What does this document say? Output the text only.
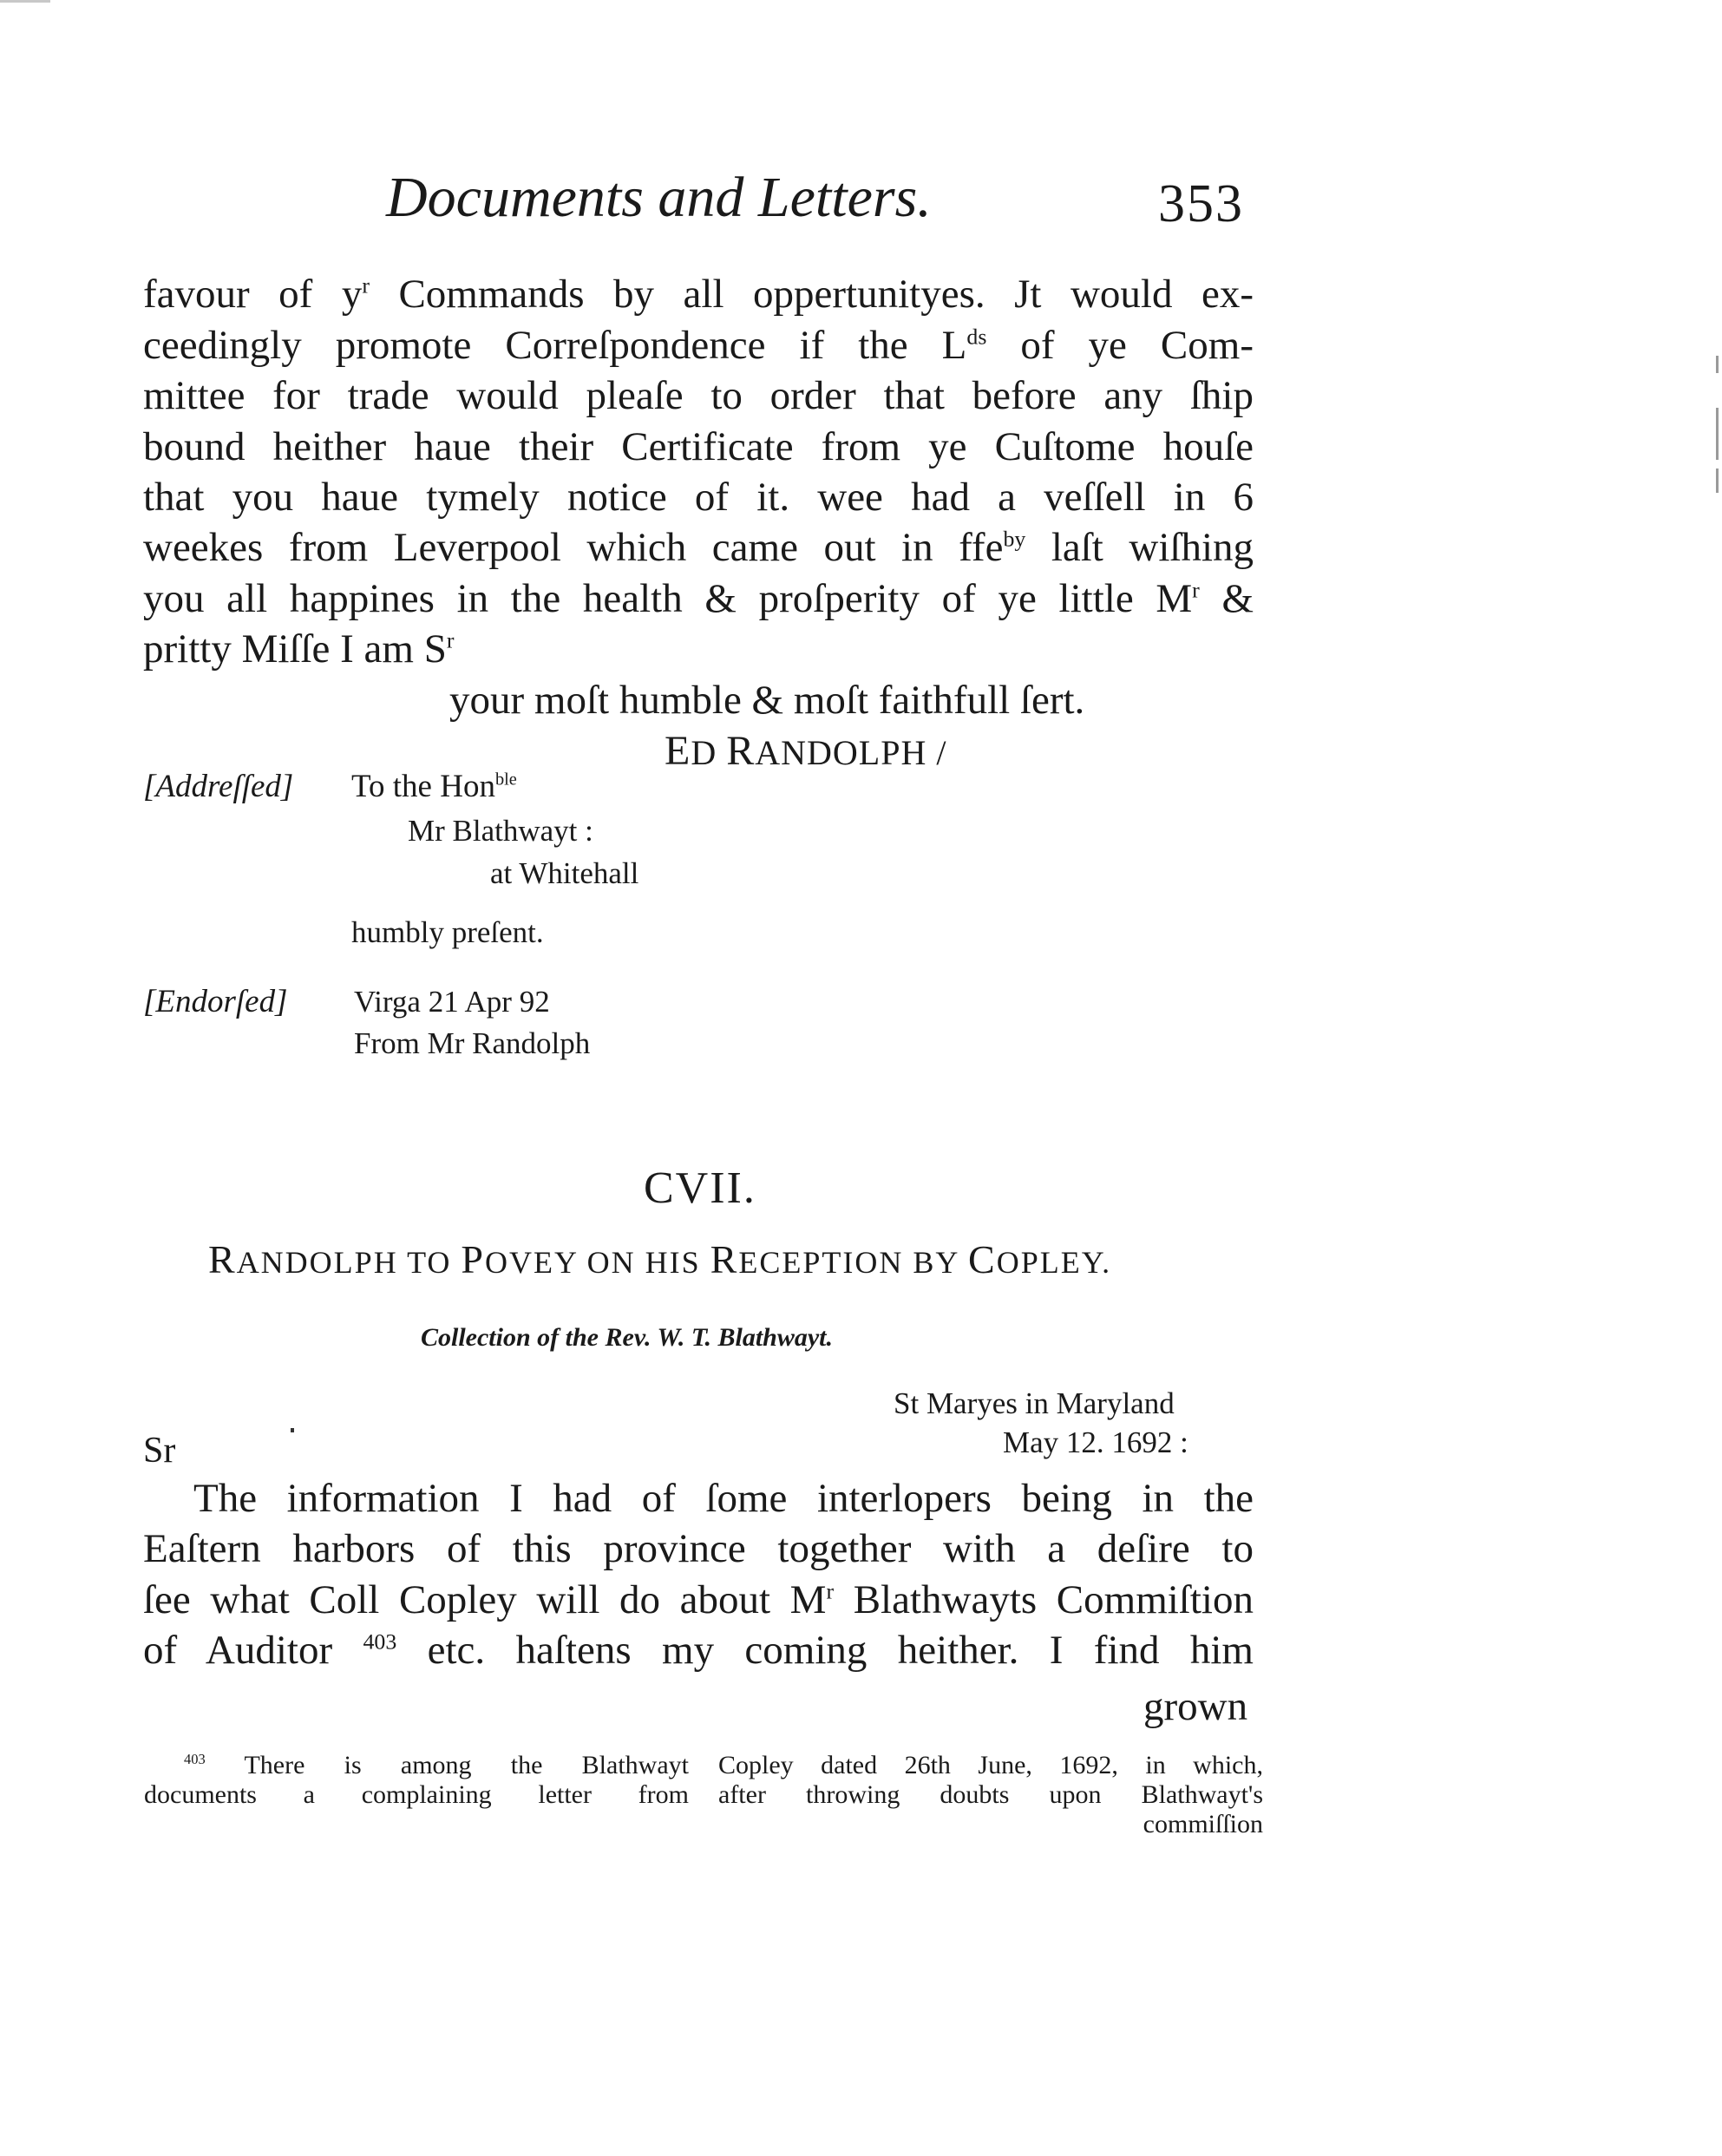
Documents and Letters.	353
favour of $y^r$ Commands by all oppertunityes. Jt would ex-
ceedingly promote Correſpondence if the $L^{ds}$ of ye Com-
mittee for trade would pleaſe to order that before any ſhip
bound heither haue their Certificate from ye Cuſtome houſe
that you haue tymely notice of it. wee had a veſſell in 6
weekes from Leverpool which came out in ffe$^{by}$ laſt wiſhing
you all happines in the health & proſperity of ye little $M^r$ &
pritty Miſſe I am $S^r$
your moſt humble & moſt faithfull ſert.
ED RANDOLPH /
[Addreſſed] To the Hon$^{ble}$
Mr Blathwayt :
at Whitehall
humbly preſent.
[Endorſed] Virga 21 Apr 92
From Mr Randolph
CVII.
RANDOLPH TO POVEY ON HIS RECEPTION BY COPLEY.
Collection of the Rev. W. T. Blathwayt.
St Maryes in Maryland
May 12. 1692 :
Sr
The information I had of ſome interlopers being in the
Eaſtern harbors of this province together with a deſire to
ſee what Coll Copley will do about $M^r$ Blathwayts Commiſtion
of Auditor $^{403}$ etc. haſtens my coming heither. I find him
grown
$^{403}$ There is among the Blathwayt
documents a complaining letter from
Copley dated 26th June, 1692, in which,
after throwing doubts upon Blathwayt's
commiſſion
